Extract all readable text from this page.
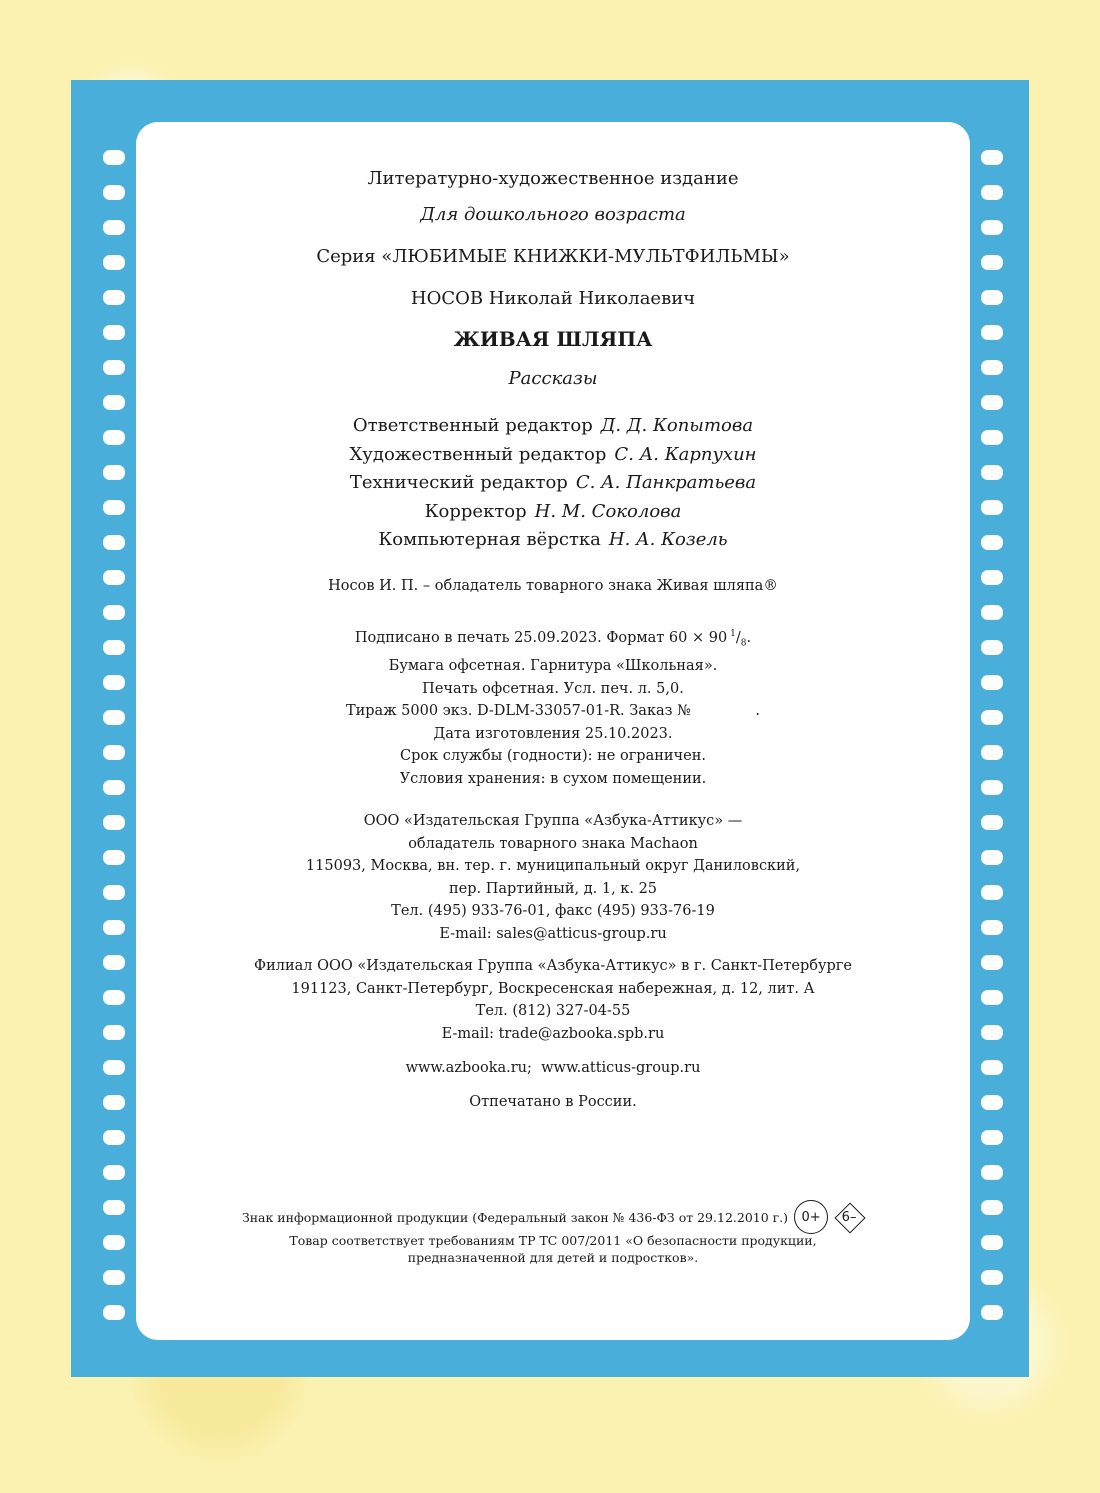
Литературно-художественное издание
Для дошкольного возраста
Серия «ЛЮБИМЫЕ КНИЖКИ-МУЛЬТФИЛЬМЫ»
НОСОВ Николай Николаевич
ЖИВАЯ ШЛЯПА
Рассказы
Ответственный редактор Д. Д. Копытова
Художественный редактор С. А. Карпухин
Технический редактор С. А. Панкратьева
Корректор Н. М. Соколова
Компьютерная вёрстка Н. А. Козель
Носов И. П. – обладатель товарного знака Живая шляпа®
Подписано в печать 25.09.2023. Формат 60 × 90  $^1/_8$.
Бумага офсетная. Гарнитура «Школьная».
Печать офсетная. Усл. печ. л. 5,0.
Тираж 5000 экз. D-DLM-33057-01-R. Заказ №              .
Дата изготовления 25.10.2023.
Срок службы (годности): не ограничен.
Условия хранения: в сухом помещении.
ООО «Издательская Группа «Азбука-Аттикус» —
обладатель товарного знака Machaon
115093, Москва, вн. тер. г. муниципальный округ Даниловский,
пер. Партийный, д. 1, к. 25
Тел. (495) 933-76-01, факс (495) 933-76-19
E-mail: sales@atticus-group.ru
Филиал ООО «Издательская Группа «Азбука-Аттикус» в г. Санкт-Петербурге
191123, Санкт-Петербург, Воскресенская набережная, д. 12, лит. А
Тел. (812) 327-04-55
E-mail: trade@azbooka.spb.ru
www.azbooka.ru;  www.atticus-group.ru
Отпечатано в России.
Знак информационной продукции (Федеральный закон № 436-ФЗ от 29.12.2010 г.)	0+	6–
Товар соответствует требованиям ТР ТС 007/2011 «О безопасности продукции,
предназначенной для детей и подростков».
